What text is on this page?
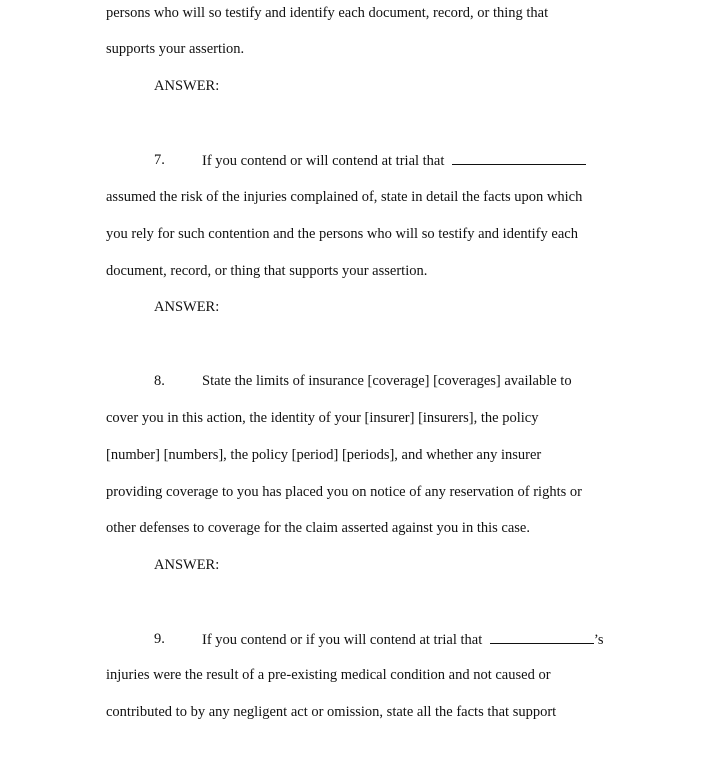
persons who will so testify and identify each document, record, or thing that
supports your assertion.
ANSWER:
7.	If you contend or will contend at trial that
assumed the risk of the injuries complained of, state in detail the facts upon which
you rely for such contention and the persons who will so testify and identify each
document, record, or thing that supports your assertion.
ANSWER:
8.	State the limits of insurance [coverage] [coverages] available to
cover you in this action, the identity of your [insurer] [insurers], the policy
[number] [numbers], the policy [period] [periods], and whether any insurer
providing coverage to you has placed you on notice of any reservation of rights or
other defenses to coverage for the claim asserted against you in this case.
ANSWER:
9.	If you contend or if you will contend at trial that	’s
injuries were the result of a pre-existing medical condition and not caused or
contributed to by any negligent act or omission, state all the facts that support
